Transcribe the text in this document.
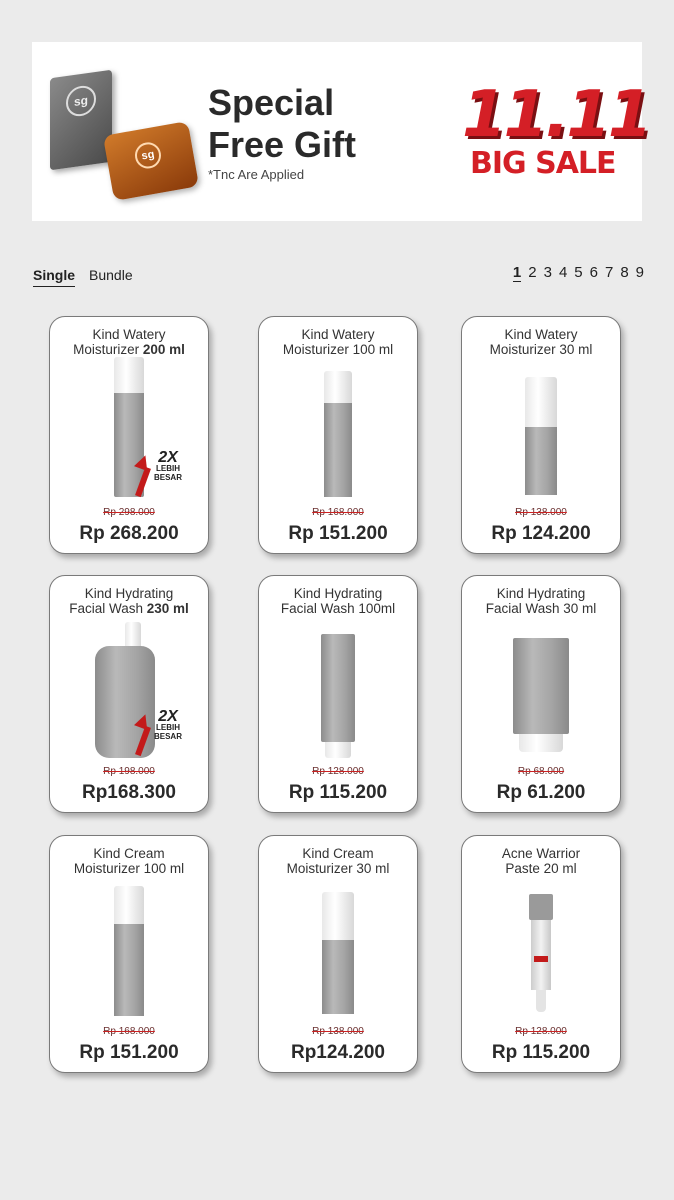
sg
sg
Special
Free Gift
*Tnc Are Applied
11.11
BIG SALE
Single Bundle	1 2 3 4 5 6 7 8 9
Kind Watery
Moisturizer 200 ml
2X
LEBIH
BESAR
Rp 298.000
Rp 268.200
Kind Watery
Moisturizer 100 ml
Rp 168.000
Rp 151.200
Kind Watery
Moisturizer 30 ml
Rp 138.000
Rp 124.200
Kind Hydrating
Facial Wash 230 ml
2X
LEBIH
BESAR
Rp 198.000
Rp168.300
Kind Hydrating
Facial Wash 100ml
Rp 128.000
Rp 115.200
Kind Hydrating
Facial Wash 30 ml
Rp 68.000
Rp 61.200
Kind Cream
Moisturizer 100 ml
Rp 168.000
Rp 151.200
Kind Cream
Moisturizer 30 ml
Rp 138.000
Rp124.200
Acne Warrior
Paste 20 ml
Rp 128.000
Rp 115.200
